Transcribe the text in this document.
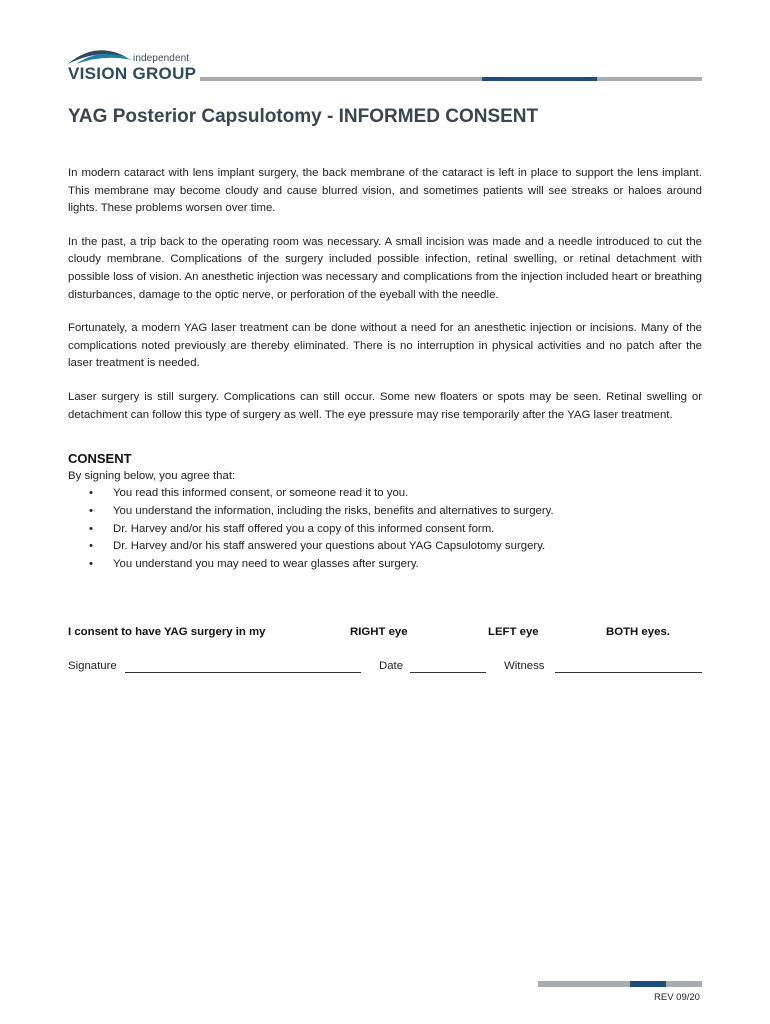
independent
VISION GROUP
YAG Posterior Capsulotomy - INFORMED CONSENT

In modern cataract with lens implant surgery, the back membrane of the cataract is left in place to support the lens implant. This membrane may become cloudy and cause blurred vision, and sometimes patients will see streaks or haloes around lights. These problems worsen over time.

In the past, a trip back to the operating room was necessary. A small incision was made and a needle introduced to cut the cloudy membrane. Complications of the surgery included possible infection, retinal swelling, or retinal detachment with possible loss of vision. An anesthetic injection was necessary and complications from the injection included heart or breathing disturbances, damage to the optic nerve, or perforation of the eyeball with the needle.

Fortunately, a modern YAG laser treatment can be done without a need for an anesthetic injection or incisions. Many of the complications noted previously are thereby eliminated. There is no interruption in physical activities and no patch after the laser treatment is needed.

Laser surgery is still surgery. Complications can still occur. Some new floaters or spots may be seen. Retinal swelling or detachment can follow this type of surgery as well. The eye pressure may rise temporarily after the YAG laser treatment.

CONSENT
By signing below, you agree that:
• You read this informed consent, or someone read it to you.
• You understand the information, including the risks, benefits and alternatives to surgery.
• Dr. Harvey and/or his staff offered you a copy of this informed consent form.
• Dr. Harvey and/or his staff answered your questions about YAG Capsulotomy surgery.
• You understand you may need to wear glasses after surgery.
I consent to have YAG surgery in my	RIGHT eye	LEFT eye	BOTH eyes.
Signature	Date	Witness
REV 09/20
